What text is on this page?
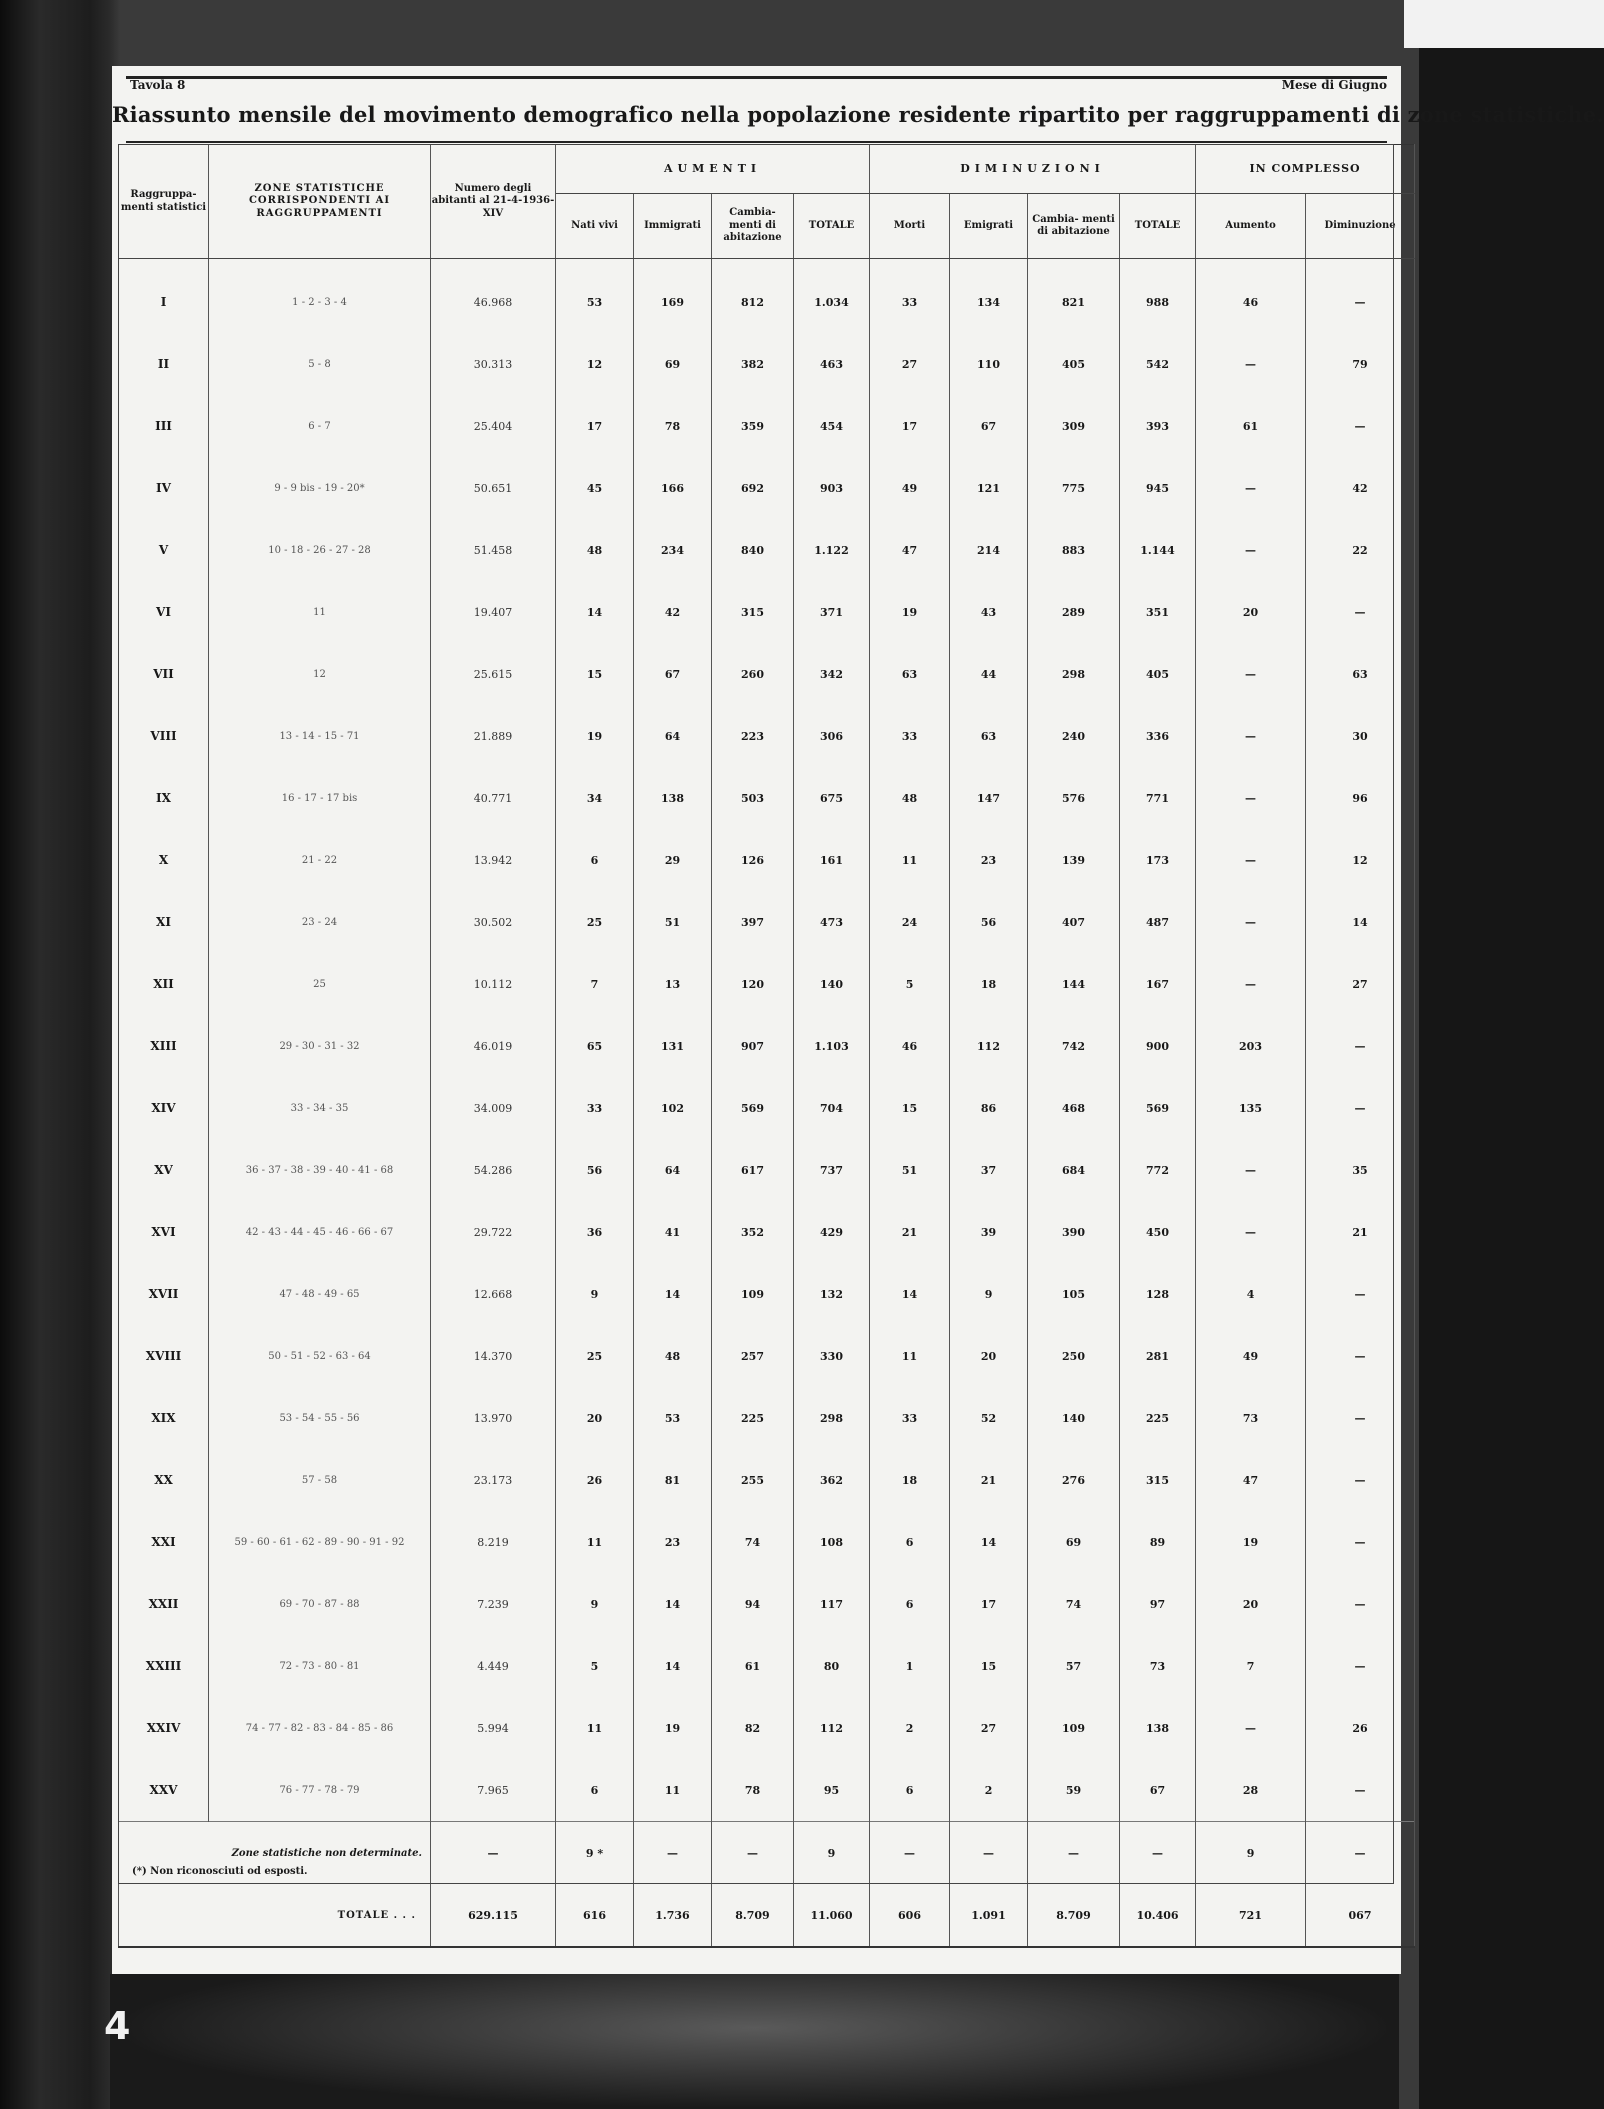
Tavola 8	Mese di Giugno
Riassunto mensile del movimento demografico nella popolazione residente ripartito per raggruppamenti di zone statistiche.
Raggruppa- menti statistici	ZONE STATISTICHE CORRISPONDENTI AI RAGGRUPPAMENTI	Numero degli abitanti al 21-4-1936-XIV	AUMENTI				DIMINUZIONI				IN COMPLESSO	
			Nati vivi	Immigrati	Cambia- menti di abitazione	TOTALE	Morti	Emigrati	Cambia- menti di abitazione	TOTALE	Aumento	Diminuzione

I	1 - 2 - 3 - 4	46.968	53	169	812	1.034	33	134	821	988	46	—
II	5 - 8	30.313	12	69	382	463	27	110	405	542	—	79
III	6 - 7	25.404	17	78	359	454	17	67	309	393	61	—
IV	9 - 9 bis - 19 - 20*	50.651	45	166	692	903	49	121	775	945	—	42
V	10 - 18 - 26 - 27 - 28	51.458	48	234	840	1.122	47	214	883	1.144	—	22
VI	11	19.407	14	42	315	371	19	43	289	351	20	—
VII	12	25.615	15	67	260	342	63	44	298	405	—	63
VIII	13 - 14 - 15 - 71	21.889	19	64	223	306	33	63	240	336	—	30
IX	16 - 17 - 17 bis	40.771	34	138	503	675	48	147	576	771	—	96
X	21 - 22	13.942	6	29	126	161	11	23	139	173	—	12
XI	23 - 24	30.502	25	51	397	473	24	56	407	487	—	14
XII	25	10.112	7	13	120	140	5	18	144	167	—	27
XIII	29 - 30 - 31 - 32	46.019	65	131	907	1.103	46	112	742	900	203	—
XIV	33 - 34 - 35	34.009	33	102	569	704	15	86	468	569	135	—
XV	36 - 37 - 38 - 39 - 40 - 41 - 68	54.286	56	64	617	737	51	37	684	772	—	35
XVI	42 - 43 - 44 - 45 - 46 - 66 - 67	29.722	36	41	352	429	21	39	390	450	—	21
XVII	47 - 48 - 49 - 65	12.668	9	14	109	132	14	9	105	128	4	—
XVIII	50 - 51 - 52 - 63 - 64	14.370	25	48	257	330	11	20	250	281	49	—
XIX	53 - 54 - 55 - 56	13.970	20	53	225	298	33	52	140	225	73	—
XX	57 - 58	23.173	26	81	255	362	18	21	276	315	47	—
XXI	59 - 60 - 61 - 62 - 89 - 90 - 91 - 92	8.219	11	23	74	108	6	14	69	89	19	—
XXII	69 - 70 - 87 - 88	7.239	9	14	94	117	6	17	74	97	20	—
XXIII	72 - 73 - 80 - 81	4.449	5	14	61	80	1	15	57	73	7	—
XXIV	74 - 77 - 82 - 83 - 84 - 85 - 86	5.994	11	19	82	112	2	27	109	138	—	26
XXV	76 - 77 - 78 - 79	7.965	6	11	78	95	6	2	59	67	28	—
Zone statistiche non determinate.		—	9 *	—	—	9	—	—	—	—	9	—
TOTALE . . .		629.115	616	1.736	8.709	11.060	606	1.091	8.709	10.406	721	067
(*) Non riconosciuti od esposti.
4
